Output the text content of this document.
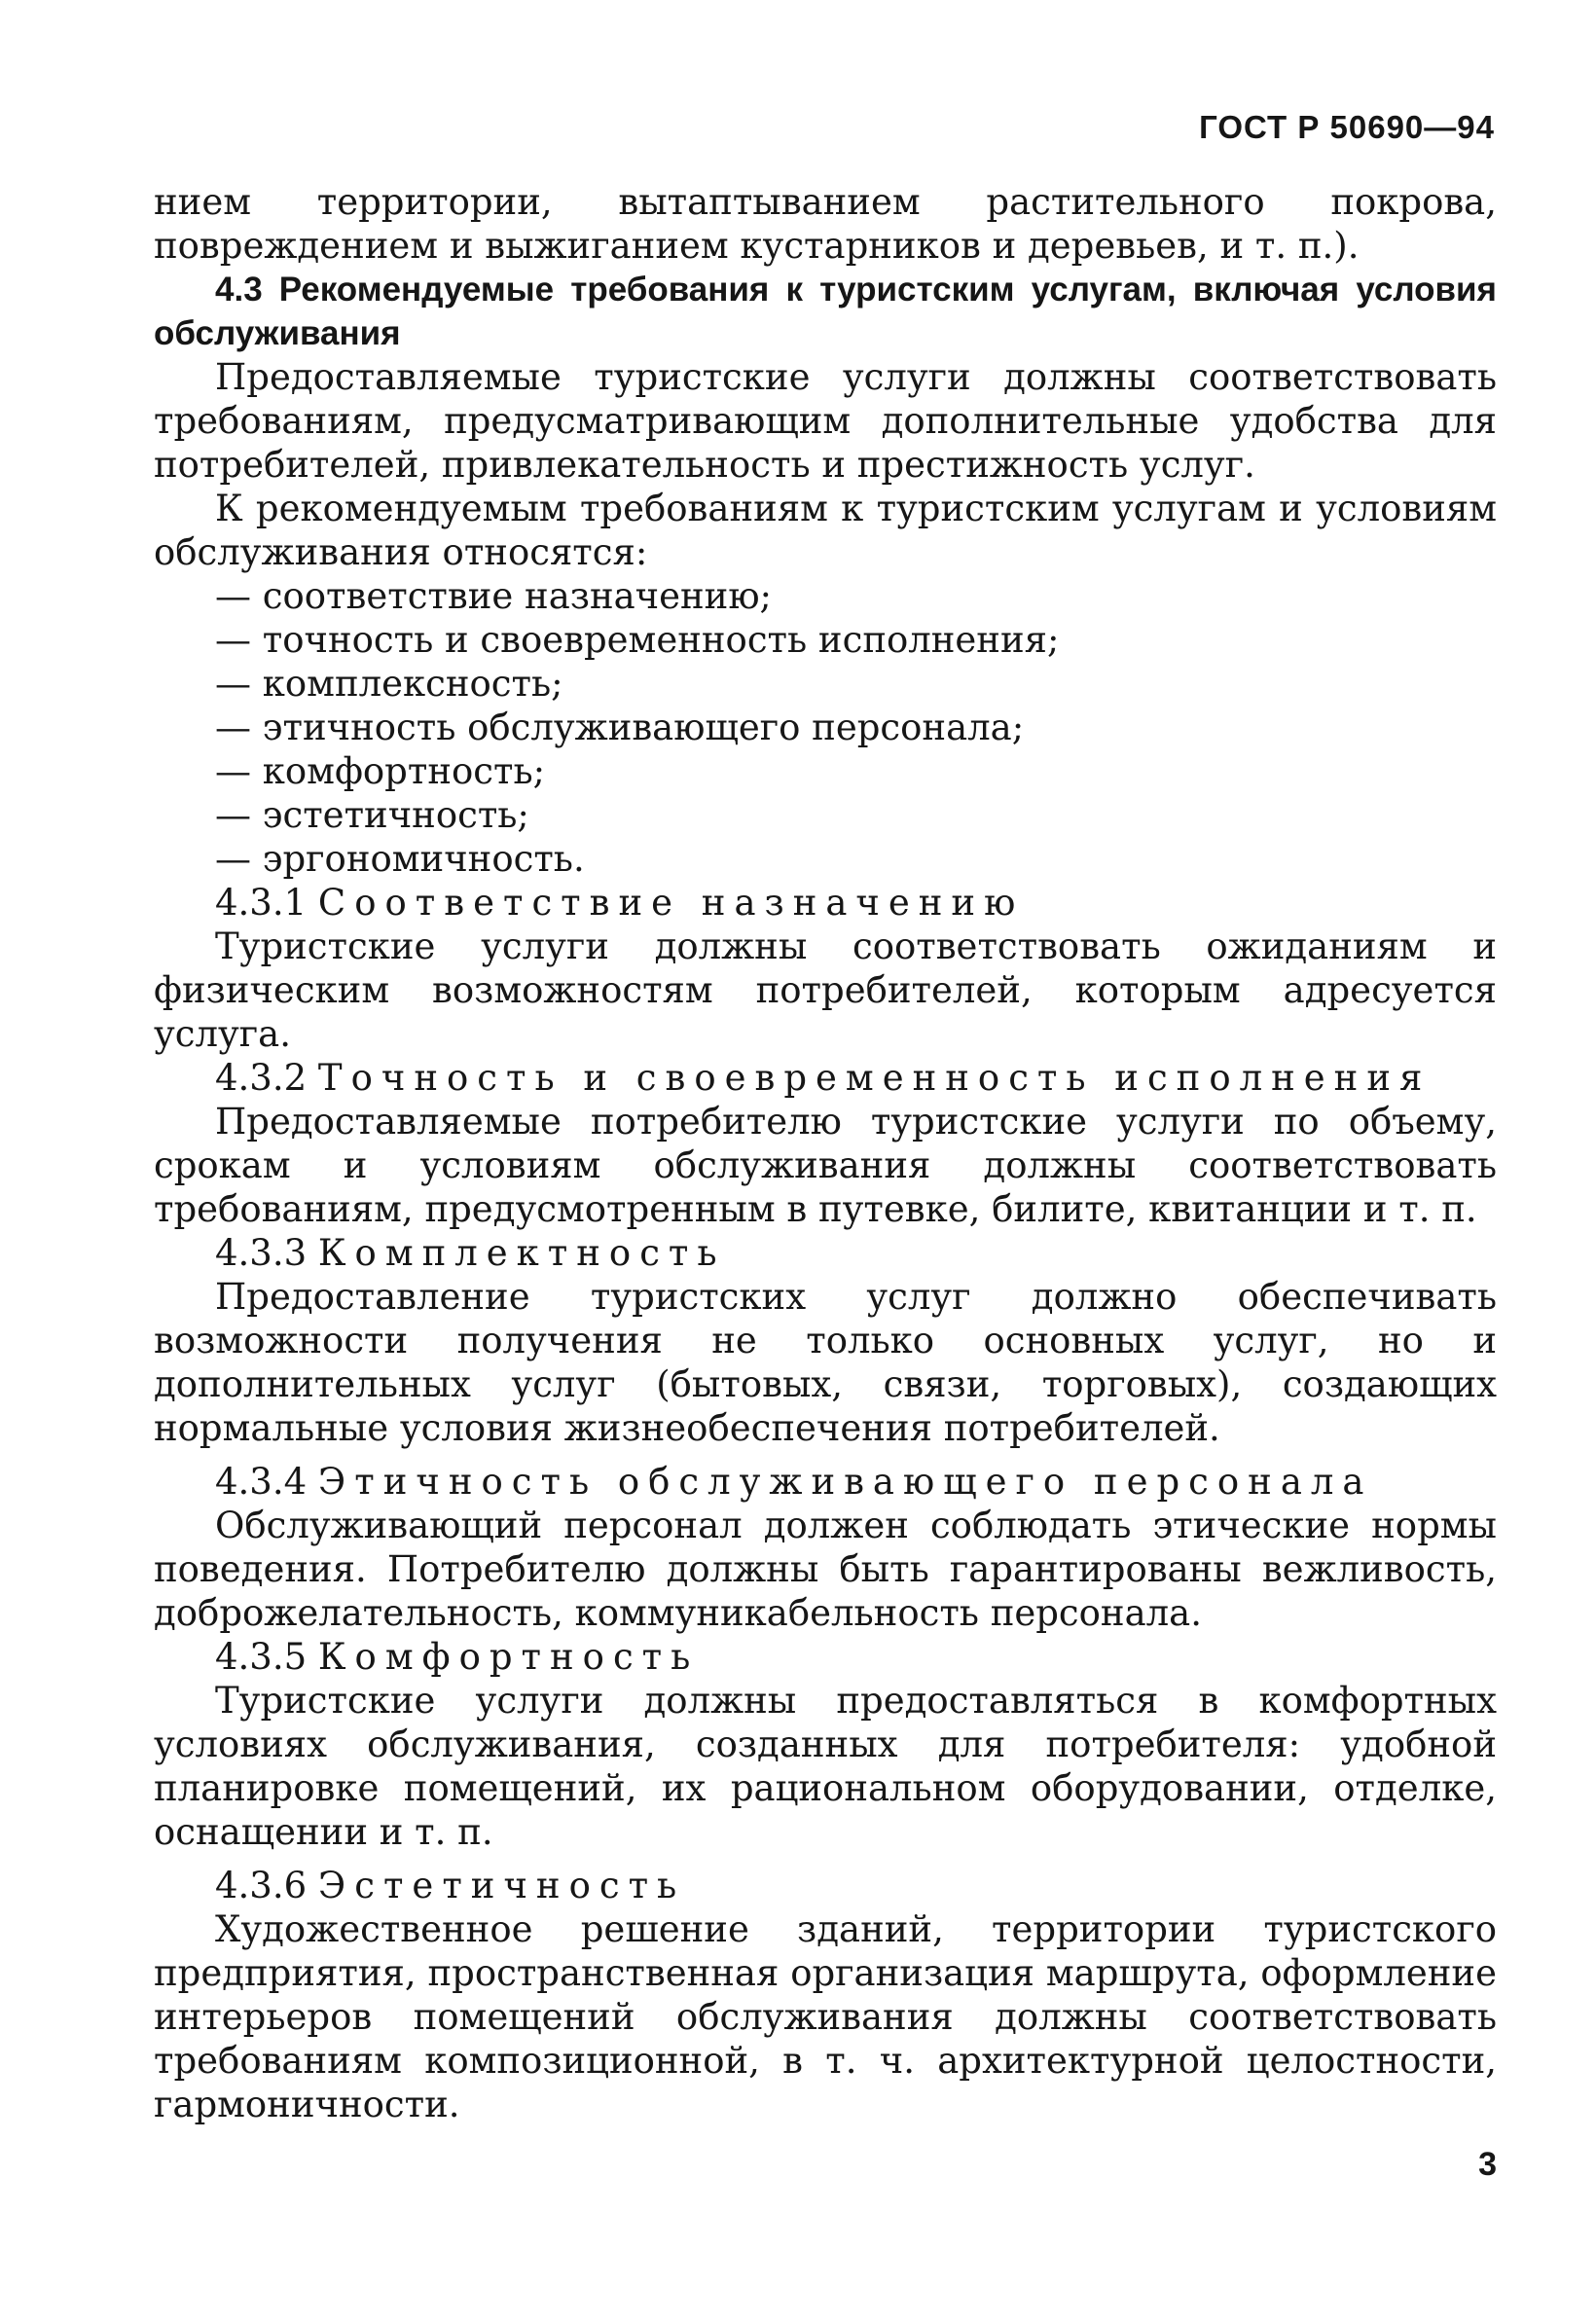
ГОСТ Р 50690—94

нием территории, вытаптыванием растительного покрова, повреждением и выжиганием кустарников и деревьев, и т. п.).

4.3 Рекомендуемые требования к туристским услугам, включая условия обслуживания

Предоставляемые туристские услуги должны соответствовать требованиям, предусматривающим дополнительные удобства для потребителей, привлекательность и престижность услуг.

К рекомендуемым требованиям к туристским услугам и условиям обслуживания относятся:

— соответствие назначению;

— точность и своевременность исполнения;

— комплексность;

— этичность обслуживающего персонала;

— комфортность;

— эстетичность;

— эргономичность.

4.3.1 Соответствие назначению

Туристские услуги должны соответствовать ожиданиям и физическим возможностям потребителей, которым адресуется услуга.

4.3.2 Точность и своевременность исполнения

Предоставляемые потребителю туристские услуги по объему, срокам и условиям обслуживания должны соответствовать требованиям, предусмотренным в путевке, билите, квитанции и т. п.

4.3.3 Комплектность

Предоставление туристских услуг должно обеспечивать возможности получения не только основных услуг, но и дополнительных услуг (бытовых, связи, торговых), создающих нормальные условия жизнеобеспечения потребителей.

4.3.4 Этичность обслуживающего персонала

Обслуживающий персонал должен соблюдать этические нормы поведения. Потребителю должны быть гарантированы вежливость, доброжелательность, коммуникабельность персонала.

4.3.5 Комфортность

Туристские услуги должны предоставляться в комфортных условиях обслуживания, созданных для потребителя: удобной планировке помещений, их рациональном оборудовании, отделке, оснащении и т. п.

4.3.6 Эстетичность

Художественное решение зданий, территории туристского предприятия, пространственная организация маршрута, оформление интерьеров помещений обслуживания должны соответствовать требованиям композиционной, в т. ч. архитектурной целостности, гармоничности.

3
